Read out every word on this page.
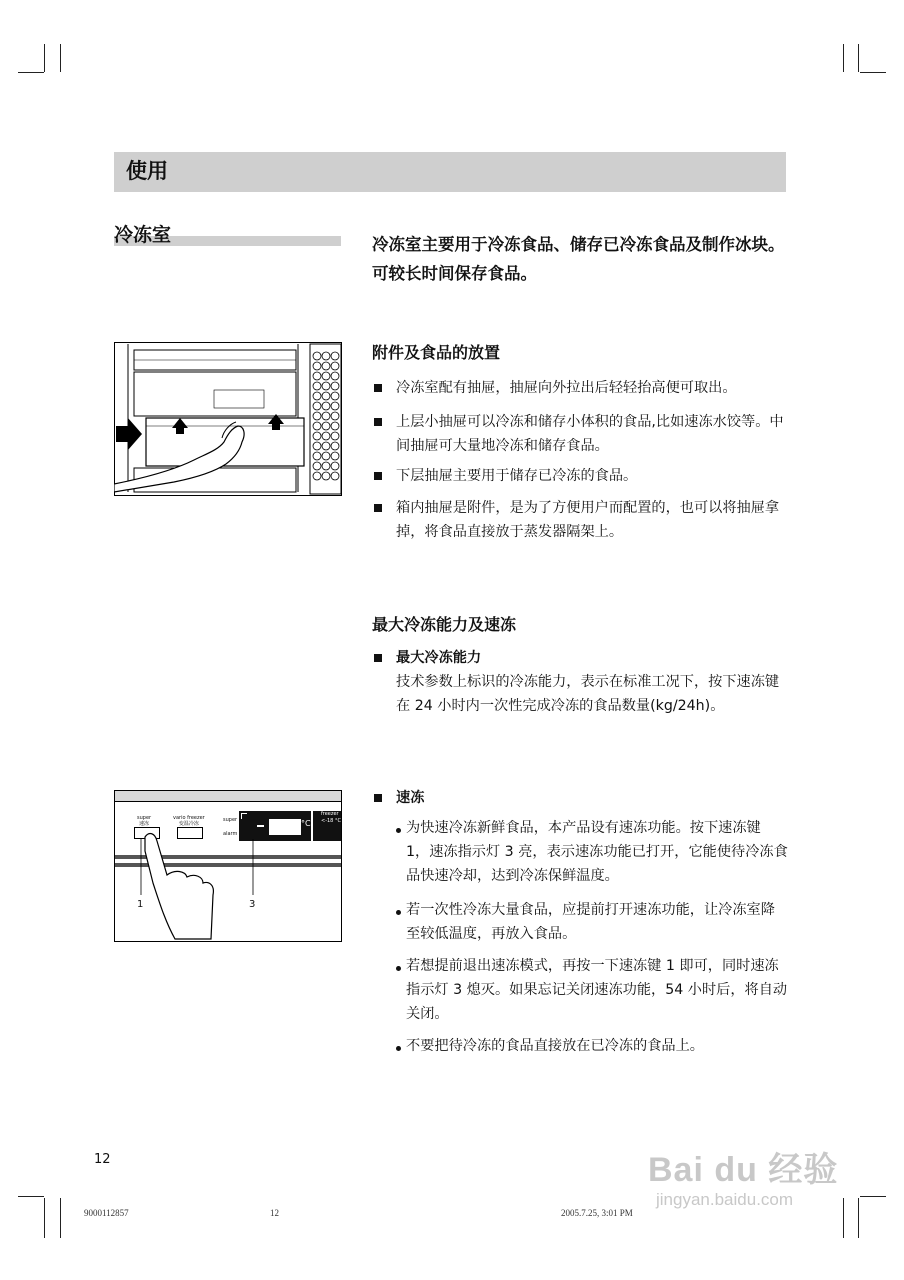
使用
冷冻室	冷冻室主要用于冷冻食品、储存已冷冻食品及制作冰块。可较长时间保存食品。
附件及食品的放置
冷冻室配有抽屉，抽屉向外拉出后轻轻抬高便可取出。
上层小抽屉可以冷冻和储存小体积的食品,比如速冻水饺等。中间抽屉可大量地冷冻和储存食品。
下层抽屉主要用于储存已冷冻的食品。
箱内抽屉是附件，是为了方便用户而配置的，也可以将抽屉拿掉，将食品直接放于蒸发器隔架上。
最大冷冻能力及速冻
最大冷冻能力
技术参数上标识的冷冻能力，表示在标准工况下，按下速冻键在 24 小时内一次性完成冷冻的食品数量(kg/24h)。
super
速冻
vario freezer
变温冷冻
super
alarm
°C
freezer
<-18 °C
1	3
速冻
为快速冷冻新鲜食品，本产品设有速冻功能。按下速冻键 1，速冻指示灯 3 亮，表示速冻功能已打开，它能使待冷冻食品快速冷却，达到冷冻保鲜温度。
若一次性冷冻大量食品，应提前打开速冻功能，让冷冻室降至较低温度，再放入食品。
若想提前退出速冻模式，再按一下速冻键 1 即可，同时速冻指示灯 3 熄灭。如果忘记关闭速冻功能，54 小时后，将自动关闭。
不要把待冷冻的食品直接放在已冷冻的食品上。
12
9000112857	12	2005.7.25, 3:01 PM
Bai du 经验
jingyan.baidu.com
